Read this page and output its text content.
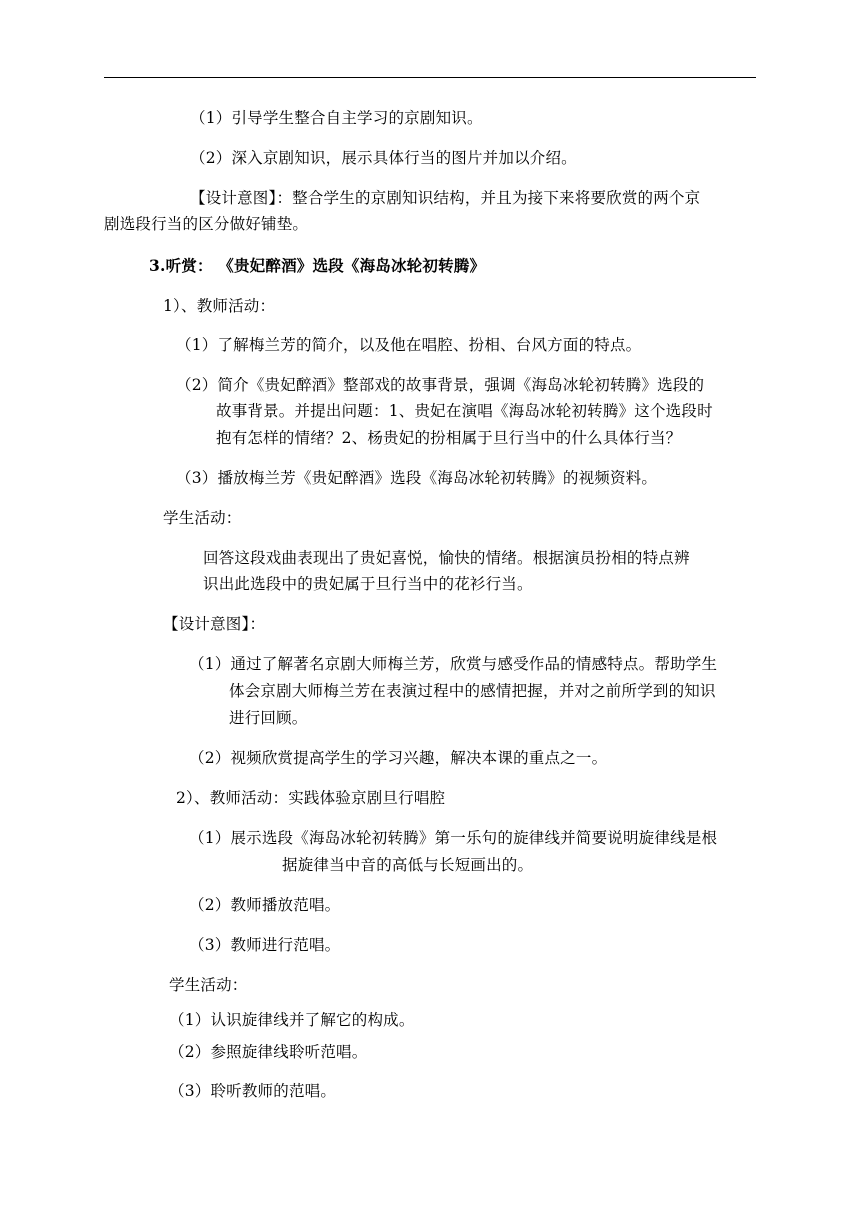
（1）引导学生整合自主学习的京剧知识。
（2）深入京剧知识，展示具体行当的图片并加以介绍。
【设计意图】：整合学生的京剧知识结构，并且为接下来将要欣赏的两个京
剧选段行当的区分做好铺垫。
3.听赏： 《贵妃醉酒》选段《海岛冰轮初转腾》
1）、教师活动：
（1）了解梅兰芳的简介，以及他在唱腔、扮相、台风方面的特点。
（2）简介《贵妃醉酒》整部戏的故事背景，强调《海岛冰轮初转腾》选段的
故事背景。并提出问题：1、贵妃在演唱《海岛冰轮初转腾》这个选段时
抱有怎样的情绪？2、杨贵妃的扮相属于旦行当中的什么具体行当？
（3）播放梅兰芳《贵妃醉酒》选段《海岛冰轮初转腾》的视频资料。
学生活动：
回答这段戏曲表现出了贵妃喜悦，愉快的情绪。根据演员扮相的特点辨
识出此选段中的贵妃属于旦行当中的花衫行当。
【设计意图】：
（1）通过了解著名京剧大师梅兰芳，欣赏与感受作品的情感特点。帮助学生
体会京剧大师梅兰芳在表演过程中的感情把握，并对之前所学到的知识
进行回顾。
（2）视频欣赏提高学生的学习兴趣，解决本课的重点之一。
2）、教师活动：实践体验京剧旦行唱腔
（1）展示选段《海岛冰轮初转腾》第一乐句的旋律线并简要说明旋律线是根
据旋律当中音的高低与长短画出的。
（2）教师播放范唱。
（3）教师进行范唱。
学生活动：
（1）认识旋律线并了解它的构成。
（2）参照旋律线聆听范唱。
（3）聆听教师的范唱。
